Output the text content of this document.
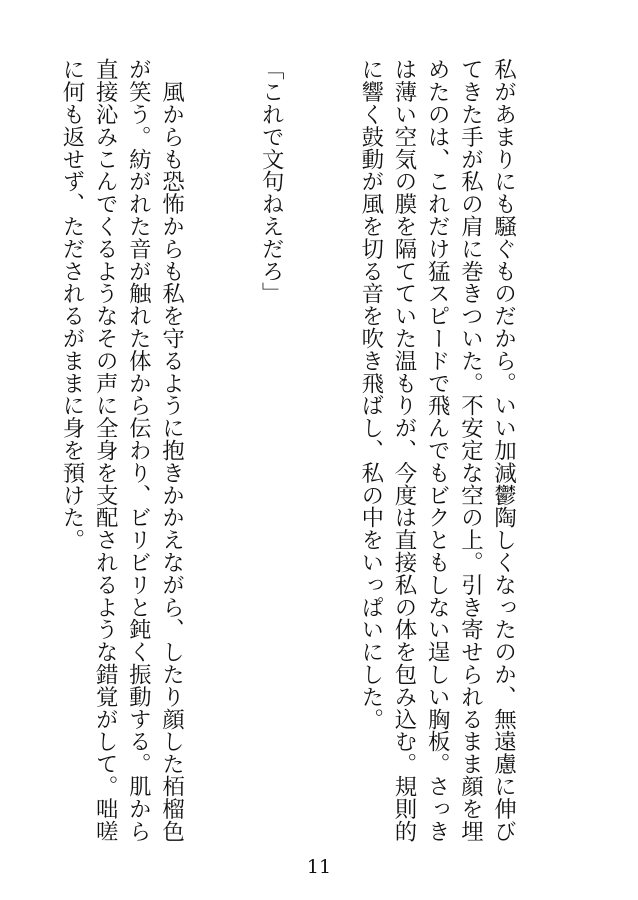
私があまりにも騒ぐものだから。いい加減鬱陶しくなったのか、無遠慮に伸びてきた手が私の肩に巻きついた。不安定な空の上。引き寄せられるまま顔を埋めたのは、これだけ猛スピードで飛んでもビクともしない逞しい胸板。さっきは薄い空気の膜を隔てていた温もりが、今度は直接私の体を包み込む。規則的に響く鼓動が風を切る音を吹き飛ばし、私の中をいっぱいにした。

「これで文句ねえだろ」

　風からも恐怖からも私を守るように抱きかかえながら、したり顔した栢榴色が笑う。紡がれた音が触れた体から伝わり、ビリビリと鈍く振動する。肌から直接沁みこんでくるようなその声に全身を支配されるような錯覚がして。咄嗟に何も返せず、ただされるがままに身を預けた。

11
